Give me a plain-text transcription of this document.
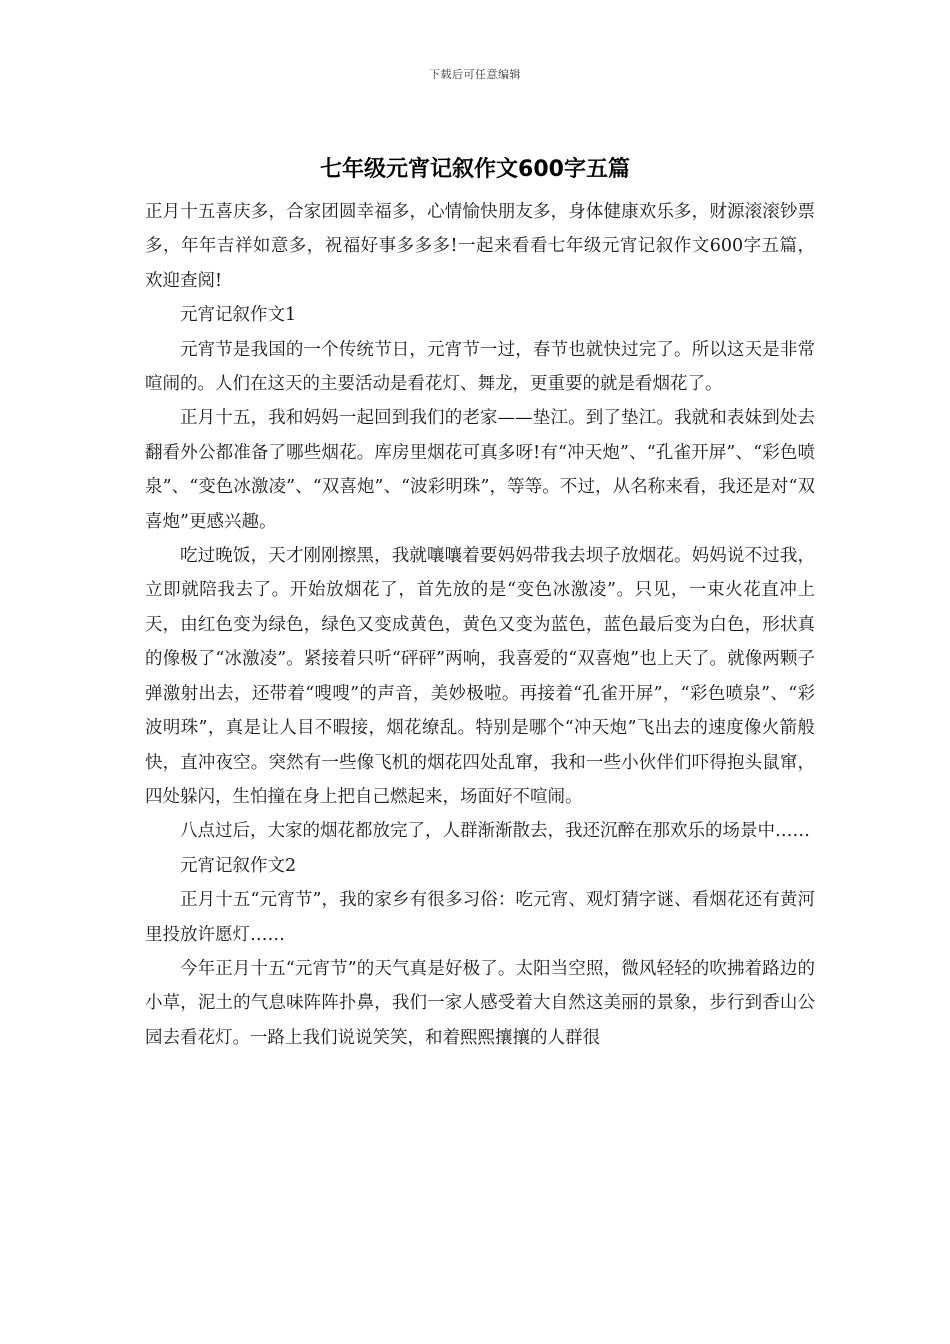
下载后可任意编辑
七年级元宵记叙作文600字五篇

正月十五喜庆多，合家团圆幸福多，心情愉快朋友多，身体健康欢乐多，财源滚滚钞票多，年年吉祥如意多，祝福好事多多多!一起来看看七年级元宵记叙作文600字五篇，欢迎查阅!

元宵记叙作文1

元宵节是我国的一个传统节日，元宵节一过，春节也就快过完了。所以这天是非常喧闹的。人们在这天的主要活动是看花灯、舞龙，更重要的就是看烟花了。

正月十五，我和妈妈一起回到我们的老家——垫江。到了垫江。我就和表妹到处去翻看外公都准备了哪些烟花。库房里烟花可真多呀!有“冲天炮”、“孔雀开屏”、“彩色喷泉”、“变色冰激凌”、“双喜炮”、“波彩明珠”，等等。不过，从名称来看，我还是对“双喜炮”更感兴趣。

吃过晚饭，天才刚刚擦黑，我就嚷嚷着要妈妈带我去坝子放烟花。妈妈说不过我，立即就陪我去了。开始放烟花了，首先放的是“变色冰激凌”。只见，一束火花直冲上天，由红色变为绿色，绿色又变成黄色，黄色又变为蓝色，蓝色最后变为白色，形状真的像极了“冰激凌”。紧接着只听“砰砰”两响，我喜爱的“双喜炮”也上天了。就像两颗子弹激射出去，还带着“嗖嗖”的声音，美妙极啦。再接着“孔雀开屏”，“彩色喷泉”、“彩波明珠”，真是让人目不暇接，烟花缭乱。特别是哪个“冲天炮”飞出去的速度像火箭般快，直冲夜空。突然有一些像飞机的烟花四处乱窜，我和一些小伙伴们吓得抱头鼠窜，四处躲闪，生怕撞在身上把自己燃起来，场面好不喧闹。

八点过后，大家的烟花都放完了，人群渐渐散去，我还沉醉在那欢乐的场景中……

元宵记叙作文2

正月十五“元宵节”，我的家乡有很多习俗：吃元宵、观灯猜字谜、看烟花还有黄河里投放许愿灯……

今年正月十五“元宵节”的天气真是好极了。太阳当空照，微风轻轻的吹拂着路边的小草，泥土的气息味阵阵扑鼻，我们一家人感受着大自然这美丽的景象，步行到香山公园去看花灯。一路上我们说说笑笑，和着熙熙攘攘的人群很
